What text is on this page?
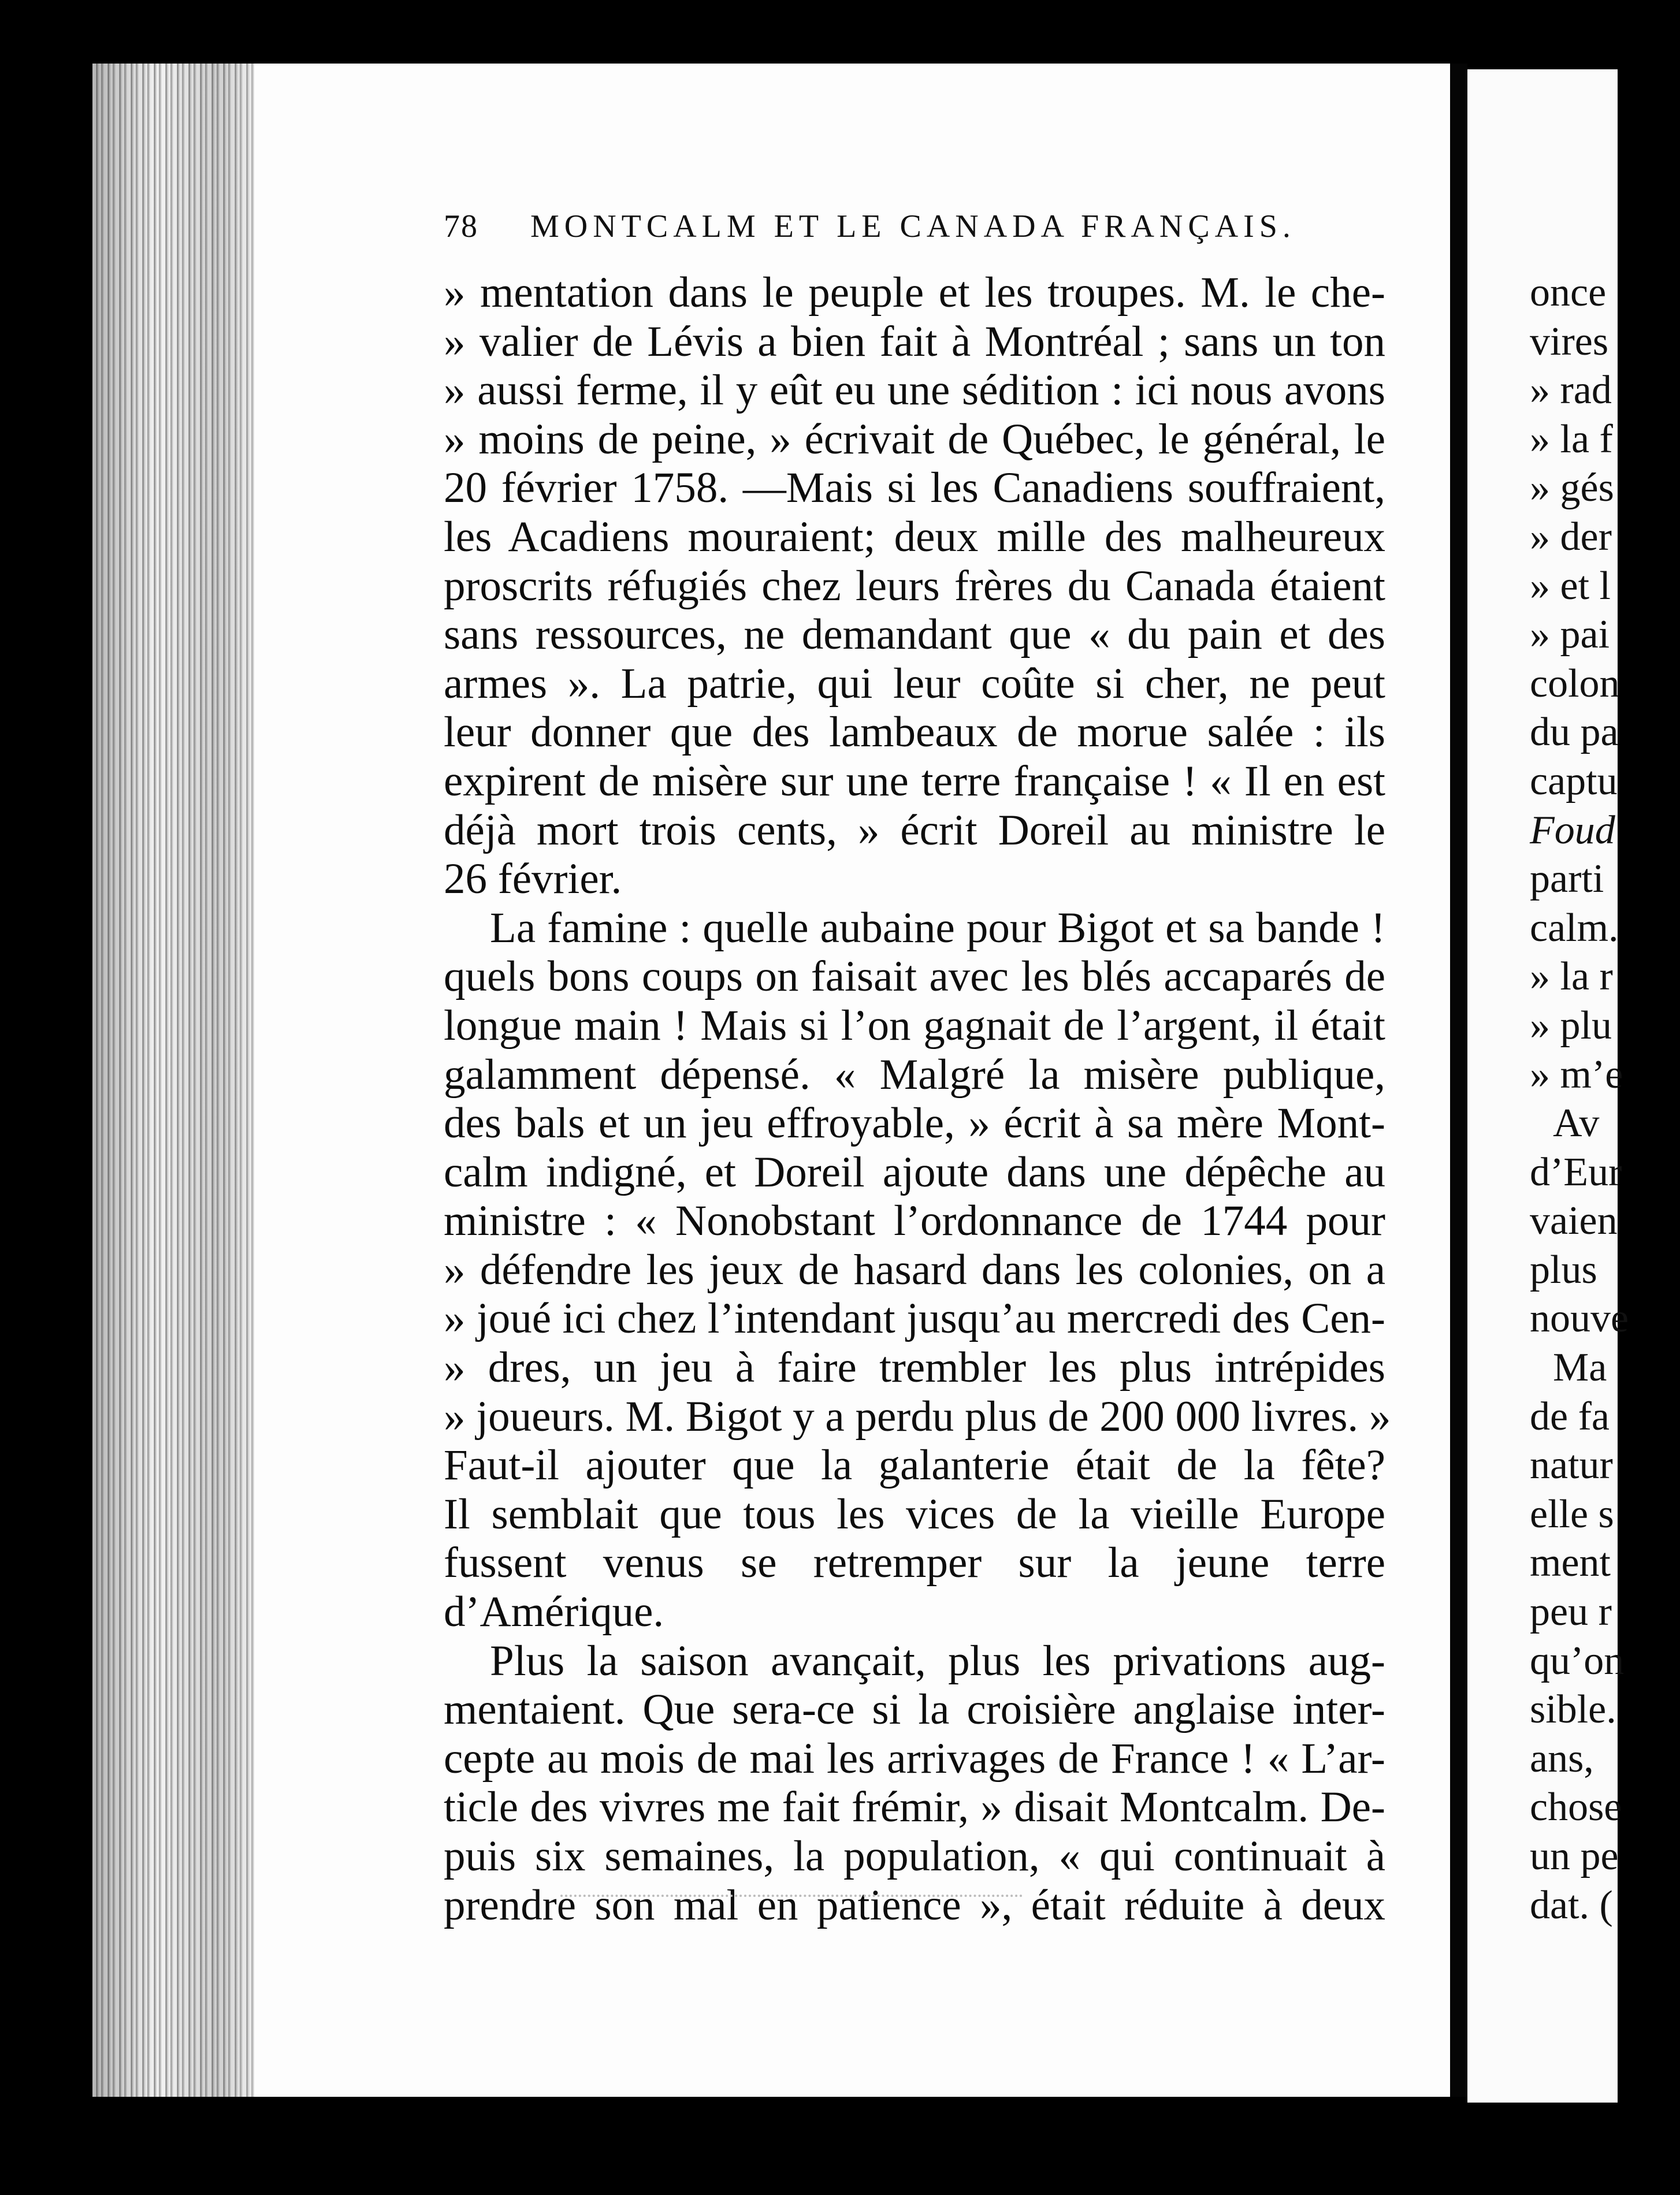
78 MONTCALM ET LE CANADA FRANÇAIS.
» mentation dans le peuple et les troupes. M. le che-
» valier de Lévis a bien fait à Montréal ; sans un ton
» aussi ferme, il y eût eu une sédition : ici nous avons
» moins de peine, » écrivait de Québec, le général, le
20 février 1758. —Mais si les Canadiens souffraient,
les Acadiens mouraient; deux mille des malheureux
proscrits réfugiés chez leurs frères du Canada étaient
sans ressources, ne demandant que « du pain et des
armes ». La patrie, qui leur coûte si cher, ne peut
leur donner que des lambeaux de morue salée : ils
expirent de misère sur une terre française ! « Il en est
déjà mort trois cents, » écrit Doreil au ministre le
26 février.
La famine : quelle aubaine pour Bigot et sa bande !
quels bons coups on faisait avec les blés accaparés de
longue main ! Mais si l’on gagnait de l’argent, il était
galamment dépensé. « Malgré la misère publique,
des bals et un jeu effroyable, » écrit à sa mère Mont-
calm indigné, et Doreil ajoute dans une dépêche au
ministre : « Nonobstant l’ordonnance de 1744 pour
» défendre les jeux de hasard dans les colonies, on a
» joué ici chez l’intendant jusqu’au mercredi des Cen-
» dres, un jeu à faire trembler les plus intrépides
» joueurs. M. Bigot y a perdu plus de 200 000 livres. »
Faut-il ajouter que la galanterie était de la fête?
Il semblait que tous les vices de la vieille Europe
fussent venus se retremper sur la jeune terre
d’Amérique.
Plus la saison avançait, plus les privations aug-
mentaient. Que sera-ce si la croisière anglaise inter-
cepte au mois de mai les arrivages de France ! « L’ar-
ticle des vivres me fait frémir, » disait Montcalm. De-
puis six semaines, la population, « qui continuait à
prendre son mal en patience », était réduite à deux
once
vires
» rad
» la f
» gés
» der
» et l
» pai
colon
du pa
captu
Foud
parti
calm.
» la r
» plu
» m’e
Av
d’Eur
vaien
plus
nouve
Ma
de fa
natur
elle s
ment
peu r
qu’on
sible.
ans,
chose
un pe
dat. (
